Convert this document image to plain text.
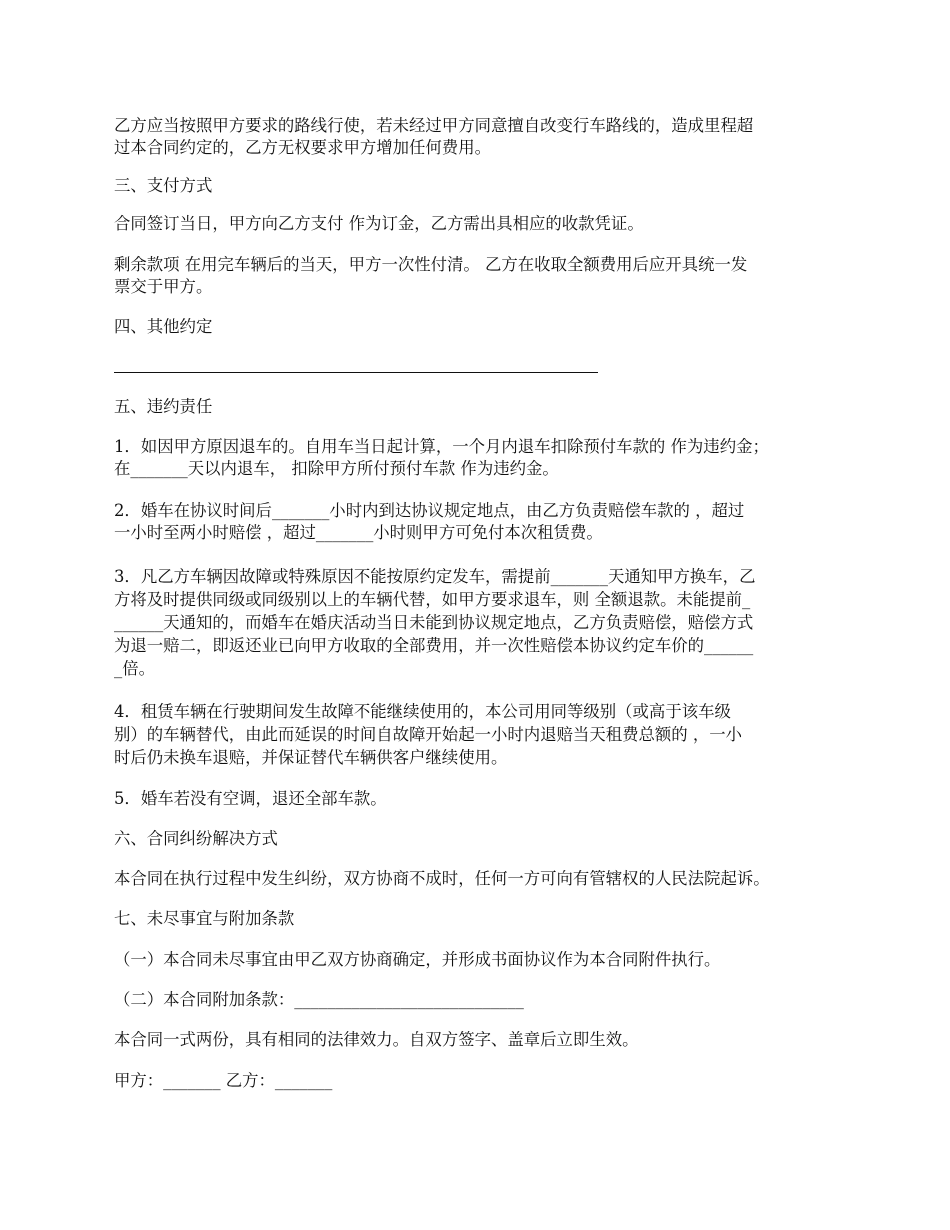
乙方应当按照甲方要求的路线行使，若未经过甲方同意擅自改变行车路线的，造成里程超
过本合同约定的，乙方无权要求甲方增加任何费用。
三、支付方式
合同签订当日，甲方向乙方支付 作为订金，乙方需出具相应的收款凭证。
剩余款项 在用完车辆后的当天，甲方一次性付清。 乙方在收取全额费用后应开具统一发
票交于甲方。
四、其他约定
五、违约责任
1．如因甲方原因退车的。自用车当日起计算，一个月内退车扣除预付车款的 作为违约金；
在_______天以内退车， 扣除甲方所付预付车款 作为违约金。
2．婚车在协议时间后_______小时内到达协议规定地点，由乙方负责赔偿车款的 ，超过
一小时至两小时赔偿 ，超过_______小时则甲方可免付本次租赁费。
3．凡乙方车辆因故障或特殊原因不能按原约定发车，需提前_______天通知甲方换车，乙
方将及时提供同级或同级别以上的车辆代替，如甲方要求退车，则 全额退款。未能提前_
______天通知的，而婚车在婚庆活动当日未能到协议规定地点，乙方负责赔偿，赔偿方式
为退一赔二，即返还业已向甲方收取的全部费用，并一次性赔偿本协议约定车价的______
_倍。
4．租赁车辆在行驶期间发生故障不能继续使用的，本公司用同等级别（或高于该车级
别）的车辆替代，由此而延误的时间自故障开始起一小时内退赔当天租费总额的 ，一小
时后仍未换车退赔，并保证替代车辆供客户继续使用。
5．婚车若没有空调，退还全部车款。
六、合同纠纷解决方式
本合同在执行过程中发生纠纷，双方协商不成时，任何一方可向有管辖权的人民法院起诉。
七、未尽事宜与附加条款
（一）本合同未尽事宜由甲乙双方协商确定，并形成书面协议作为本合同附件执行。
（二）本合同附加条款：____________________________
本合同一式两份，具有相同的法律效力。自双方签字、盖章后立即生效。
甲方：_______ 乙方：_______
